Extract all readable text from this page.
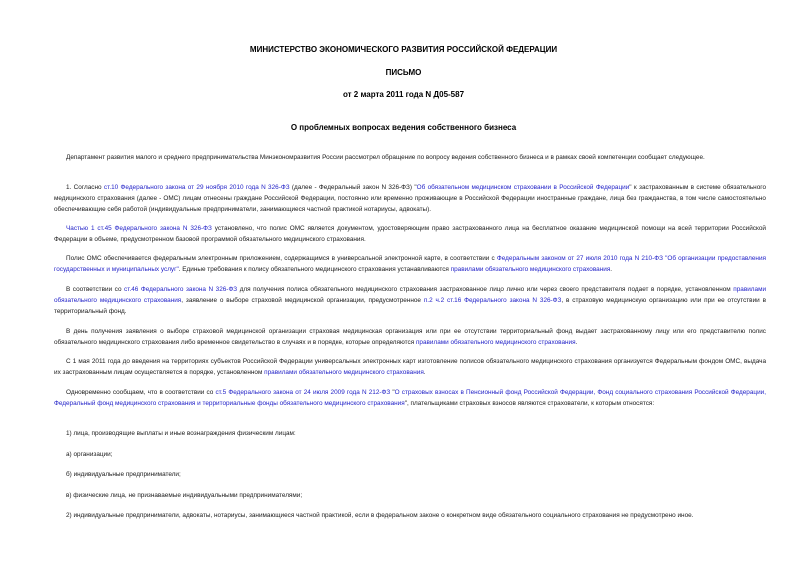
МИНИСТЕРСТВО ЭКОНОМИЧЕСКОГО РАЗВИТИЯ РОССИЙСКОЙ ФЕДЕРАЦИИ
ПИСЬМО
от 2 марта 2011 года N Д05-587
О проблемных вопросах ведения собственного бизнеса
Департамент развития малого и среднего предпринимательства Минэкономразвития России рассмотрел обращение по вопросу ведения собственного бизнеса и в рамках своей компетенции сообщает следующее.
1. Согласно ст.10 Федерального закона от 29 ноября 2010 года N 326-ФЗ (далее - Федеральный закон N 326-ФЗ) "Об обязательном медицинском страховании в Российской Федерации" к застрахованным в системе обязательного медицинского страхования (далее - ОМС) лицам отнесены граждане Российской Федерации, постоянно или временно проживающие в Российской Федерации иностранные граждане, лица без гражданства, в том числе самостоятельно обеспечивающие себя работой (индивидуальные предприниматели, занимающиеся частной практикой нотариусы, адвокаты).
Частью 1 ст.45 Федерального закона N 326-ФЗ установлено, что полис ОМС является документом, удостоверяющим право застрахованного лица на бесплатное оказание медицинской помощи на всей территории Российской Федерации в объеме, предусмотренном базовой программой обязательного медицинского страхования.
Полис ОМС обеспечивается федеральным электронным приложением, содержащимся в универсальной электронной карте, в соответствии с Федеральным законом от 27 июля 2010 года N 210-ФЗ "Об организации предоставления государственных и муниципальных услуг". Единые требования к полису обязательного медицинского страхования устанавливаются правилами обязательного медицинского страхования.
В соответствии со ст.46 Федерального закона N 326-ФЗ для получения полиса обязательного медицинского страхования застрахованное лицо лично или через своего представителя подает в порядке, установленном правилами обязательного медицинского страхования, заявление о выборе страховой медицинской организации, предусмотренное п.2 ч.2 ст.16 Федерального закона N 326-ФЗ, в страховую медицинскую организацию или при ее отсутствии в территориальный фонд.
В день получения заявления о выборе страховой медицинской организации страховая медицинская организация или при ее отсутствии территориальный фонд выдает застрахованному лицу или его представителю полис обязательного медицинского страхования либо временное свидетельство в случаях и в порядке, которые определяются правилами обязательного медицинского страхования.
С 1 мая 2011 года до введения на территориях субъектов Российской Федерации универсальных электронных карт изготовление полисов обязательного медицинского страхования организуется Федеральным фондом ОМС, выдача их застрахованным лицам осуществляется в порядке, установленном правилами обязательного медицинского страхования.
Одновременно сообщаем, что в соответствии со ст.5 Федерального закона от 24 июля 2009 года N 212-ФЗ "О страховых взносах в Пенсионный фонд Российской Федерации, Фонд социального страхования Российской Федерации, Федеральный фонд медицинского страхования и территориальные фонды обязательного медицинского страхования", плательщиками страховых взносов являются страхователи, к которым относятся:
1) лица, производящие выплаты и иные вознаграждения физическим лицам:
а) организации;
б) индивидуальные предприниматели;
в) физические лица, не признаваемые индивидуальными предпринимателями;
2) индивидуальные предприниматели, адвокаты, нотариусы, занимающиеся частной практикой, если в федеральном законе о конкретном виде обязательного социального страхования не предусмотрено иное.
